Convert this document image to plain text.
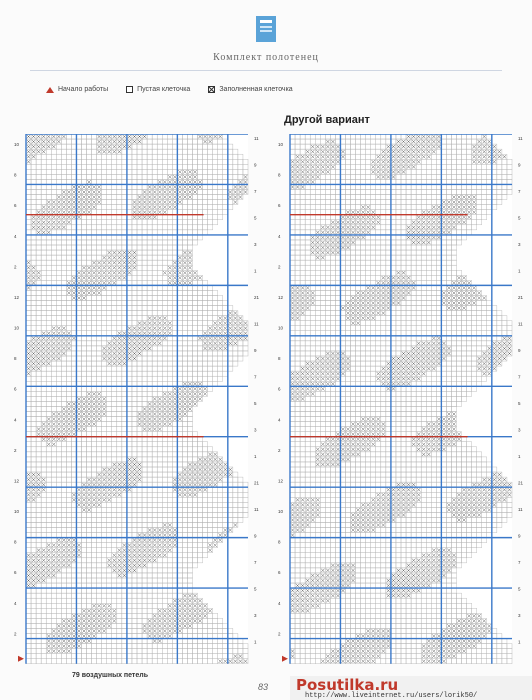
Комплект полотенец
Начало работы	Пустая клеточка	Заполненная клеточка
Другой вариант
10
8
6
4
2
12
10
8
6
4
2
12
10
8
6
4
2
11
9
7
5
3
1
21
11
9
7
5
3
1
21
11
9
7
5
3
1
10
8
6
4
2
12
10
8
6
4
2
12
10
8
6
4
2
11
9
7
5
3
1
21
11
9
7
5
3
1
21
11
9
7
5
3
1
79 воздушных петель
83 Posutilka.ru
http://www.liveinternet.ru/users/lorik50/
